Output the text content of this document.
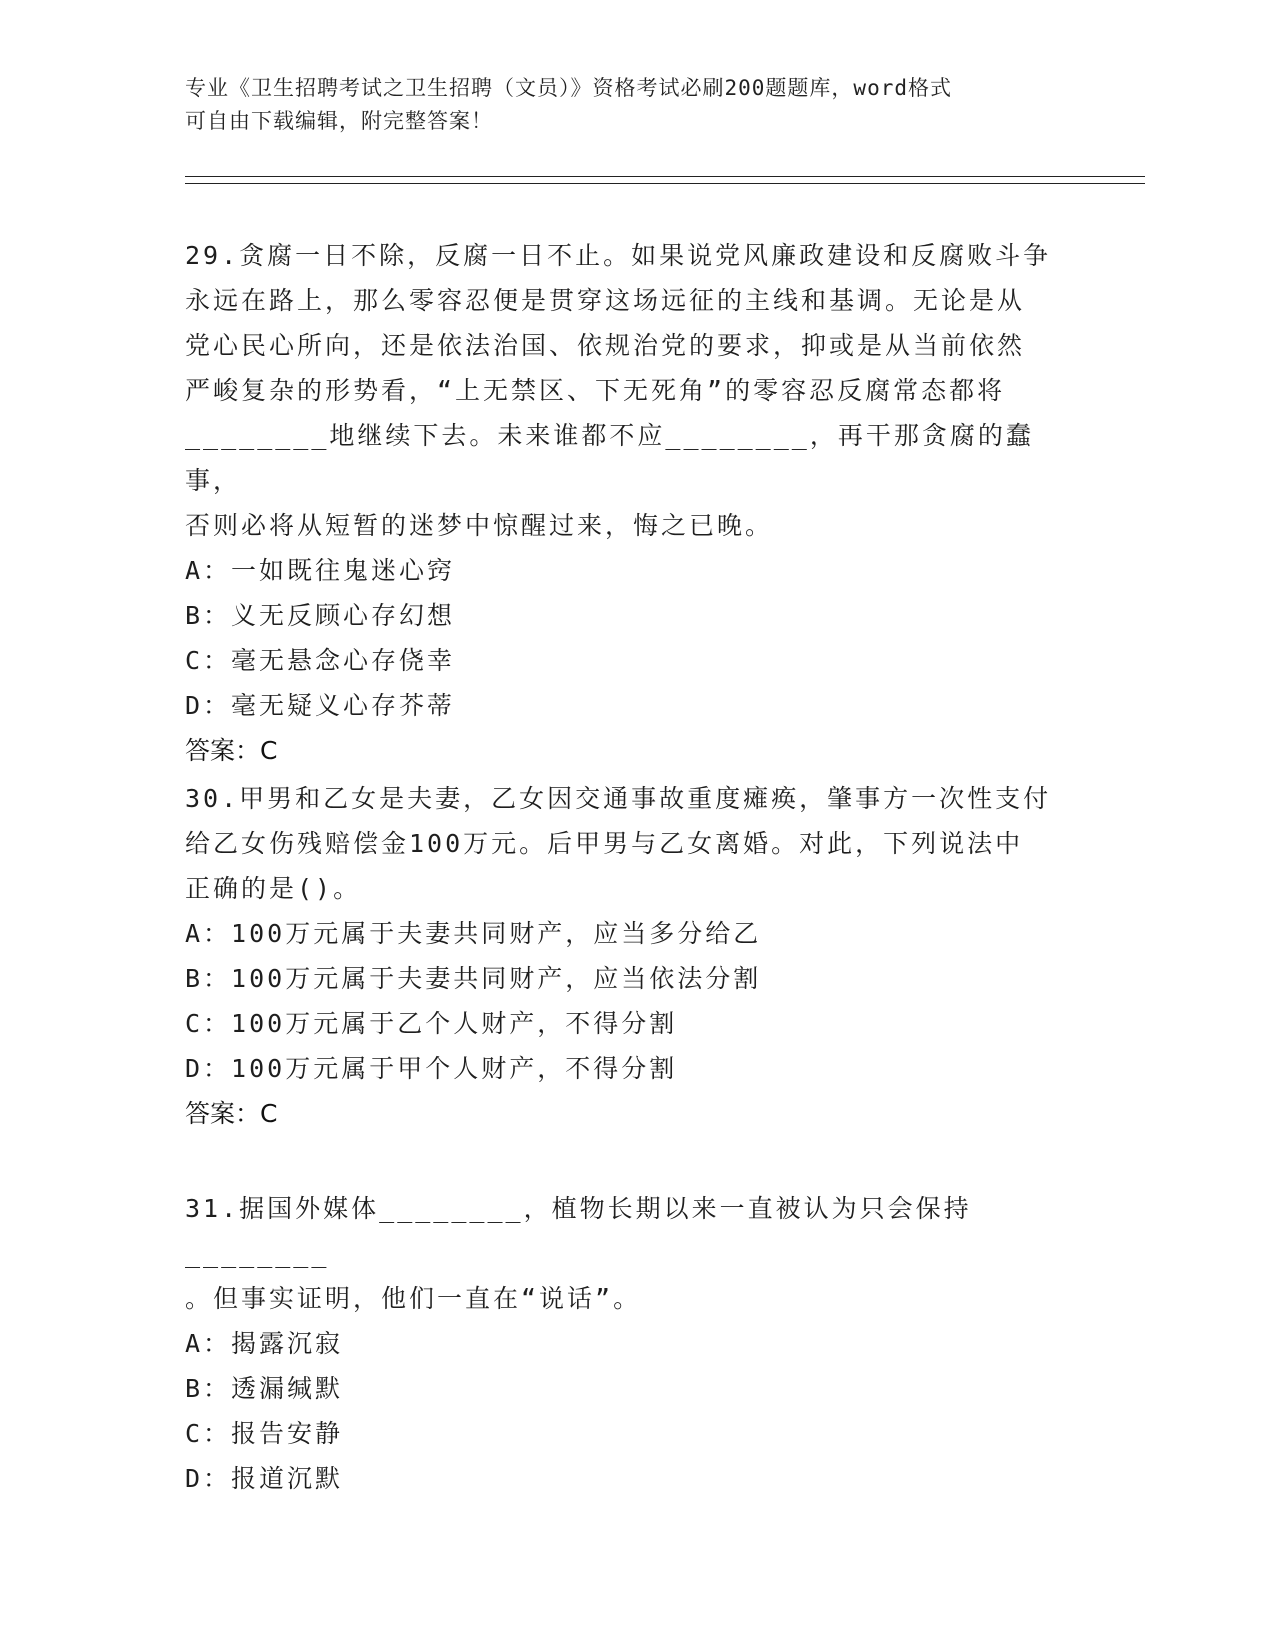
专业《卫生招聘考试之卫生招聘（文员）》资格考试必刷200题题库，word格式
可自由下载编辑，附完整答案！

29.贪腐一日不除，反腐一日不止。如果说党风廉政建设和反腐败斗争

永远在路上，那么零容忍便是贯穿这场远征的主线和基调。无论是从

党心民心所向，还是依法治国、依规治党的要求，抑或是从当前依然

严峻复杂的形势看，“上无禁区、下无死角”的零容忍反腐常态都将

________地继续下去。未来谁都不应________，再干那贪腐的蠢事，

否则必将从短暂的迷梦中惊醒过来，悔之已晚。

A：一如既往鬼迷心窍

B：义无反顾心存幻想

C：毫无悬念心存侥幸

D：毫无疑义心存芥蒂

答案：C

30.甲男和乙女是夫妻，乙女因交通事故重度瘫痪，肇事方一次性支付

给乙女伤残赔偿金100万元。后甲男与乙女离婚。对此，下列说法中

正确的是()。

A：100万元属于夫妻共同财产，应当多分给乙

B：100万元属于夫妻共同财产，应当依法分割

C：100万元属于乙个人财产，不得分割

D：100万元属于甲个人财产，不得分割

答案：C

31.据国外媒体________，植物长期以来一直被认为只会保持________

。但事实证明，他们一直在“说话”。

A：揭露沉寂

B：透漏缄默

C：报告安静

D：报道沉默
